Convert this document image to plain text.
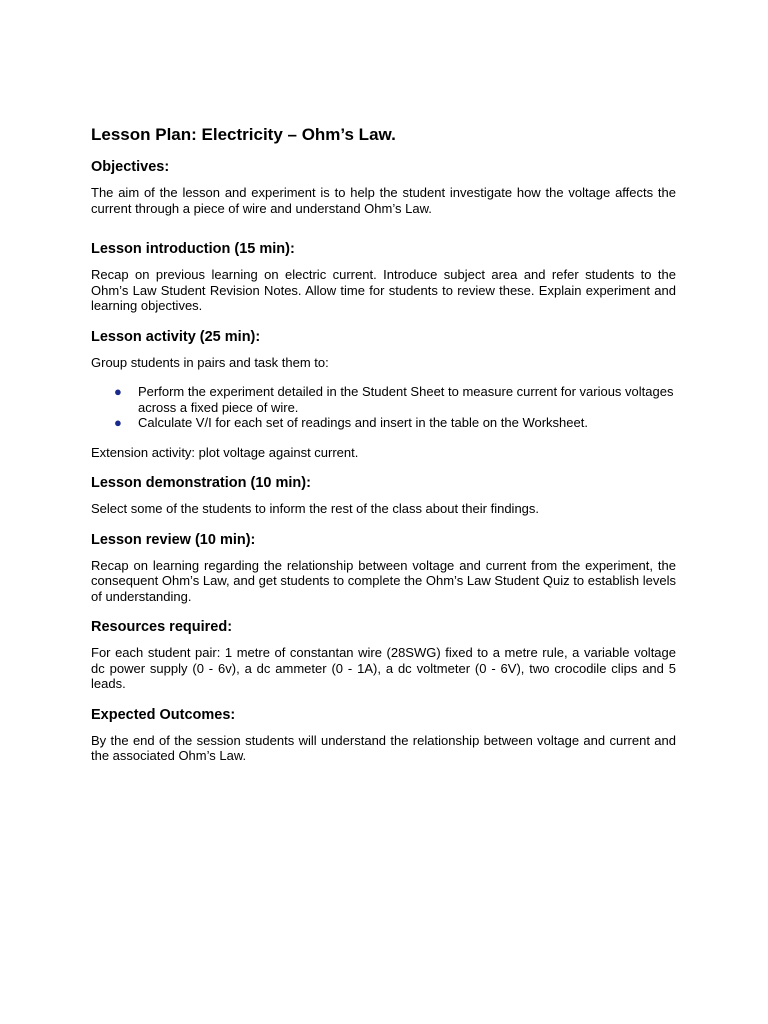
Lesson Plan: Electricity – Ohm’s Law.
Objectives:
The aim of the lesson and experiment is to help the student investigate how the voltage affects the current through a piece of wire and understand Ohm’s Law.
Lesson introduction (15 min):
Recap on previous learning on electric current. Introduce subject area and refer students to the Ohm’s Law Student Revision Notes. Allow time for students to review these. Explain experiment and learning objectives.
Lesson activity (25 min):
Group students in pairs and task them to:
● Perform the experiment detailed in the Student Sheet to measure current for various voltages across a fixed piece of wire.
● Calculate V/I for each set of readings and insert in the table on the Worksheet.
Extension activity: plot voltage against current.
Lesson demonstration (10 min):
Select some of the students to inform the rest of the class about their findings.
Lesson review (10 min):
Recap on learning regarding the relationship between voltage and current from the experiment, the consequent Ohm’s Law, and get students to complete the Ohm’s Law Student Quiz to establish levels of understanding.
Resources required:
For each student pair: 1 metre of constantan wire (28SWG) fixed to a metre rule, a variable voltage dc power supply (0 - 6v), a dc ammeter (0 - 1A), a dc voltmeter (0 - 6V), two crocodile clips and 5 leads.
Expected Outcomes:
By the end of the session students will understand the relationship between voltage and current and the associated Ohm’s Law.
